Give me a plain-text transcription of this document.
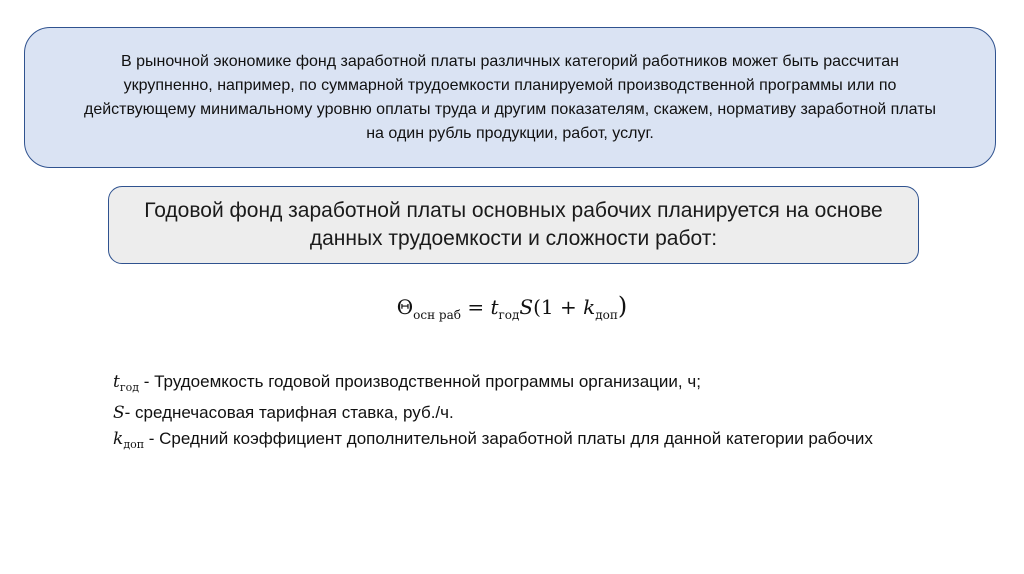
В рыночной экономике фонд заработной платы различных категорий работников может быть рассчитан укрупненно, например, по суммарной трудоемкости планируемой производственной программы или по действующему минимальному уровню оплаты труда и другим показателям, скажем, нормативу заработной платы на один рубль продукции, работ, услуг.

Годовой фонд заработной платы основных рабочих планируется на основе данных трудоемкости и сложности работ:

$\Theta_{осн раб} = t_{год}S(1 + k_{доп})$

$t_{год}$ - Трудоемкость годовой производственной программы организации, ч;

S- среднечасовая тарифная ставка, руб./ч.

$k_{доп}$ - Средний коэффициент дополнительной заработной платы для данной категории рабочих
